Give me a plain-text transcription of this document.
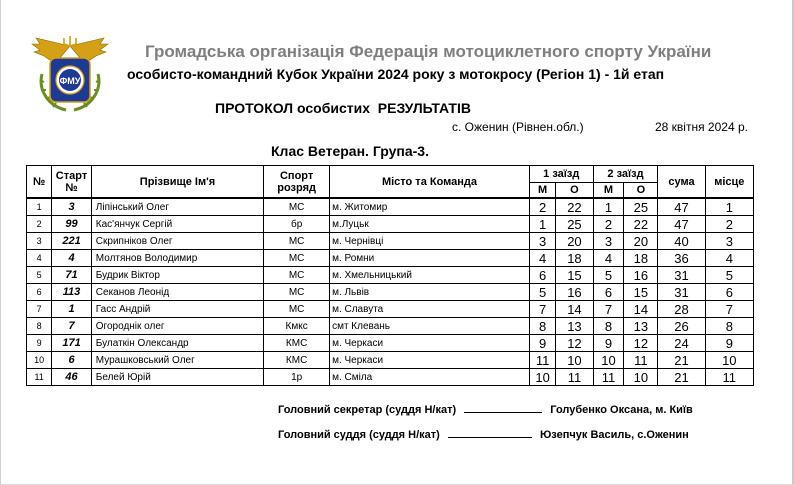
ФМУ
Громадська організація Федерація мотоциклетного спорту України
особисто-командний Кубок України 2024 року з мотокросу (Регіон 1) - 1й етап
ПРОТОКОЛ особистих  РЕЗУЛЬТАТІВ
с. Оженин (Рівнен.обл.)	28 квітня 2024 р.
Клас Ветеран. Група-3.
№	Старт №	Прізвище Ім'я	Спорт розряд	Місто та Команда	1 заїзд		2 заїзд		сума	місце
					М	О	М	О		
1	3	Ліпінський Олег	МС	м. Житомир	2	22	1	25	47	1
2	99	Кас'янчук Сергій	бр	м.Луцьк	1	25	2	22	47	2
3	221	Скрипніков Олег	МС	м. Чернівці	3	20	3	20	40	3
4	4	Молтянов Володимир	МС	м. Ромни	4	18	4	18	36	4
5	71	Будрик Віктор	МС	м. Хмельницький	6	15	5	16	31	5
6	113	Секанов Леонід	МС	м. Львів	5	16	6	15	31	6
7	1	Гасс Андрій	МС	м. Славута	7	14	7	14	28	7
8	7	Огороднік олег	Кмкс	смт Клевань	8	13	8	13	26	8
9	171	Булаткін Олександр	КМС	м. Черкаси	9	12	9	12	24	9
10	6	Мурашковський Олег	КМС	м. Черкаси	11	10	10	11	21	10
11	46	Белей Юрій	1р	м. Сміла	10	11	11	10	21	11
Головний секретар (суддя Н/кат)	Голубенко Оксана, м. Київ
Головний суддя (суддя Н/кат)	Юзепчук Василь, с.Оженин
